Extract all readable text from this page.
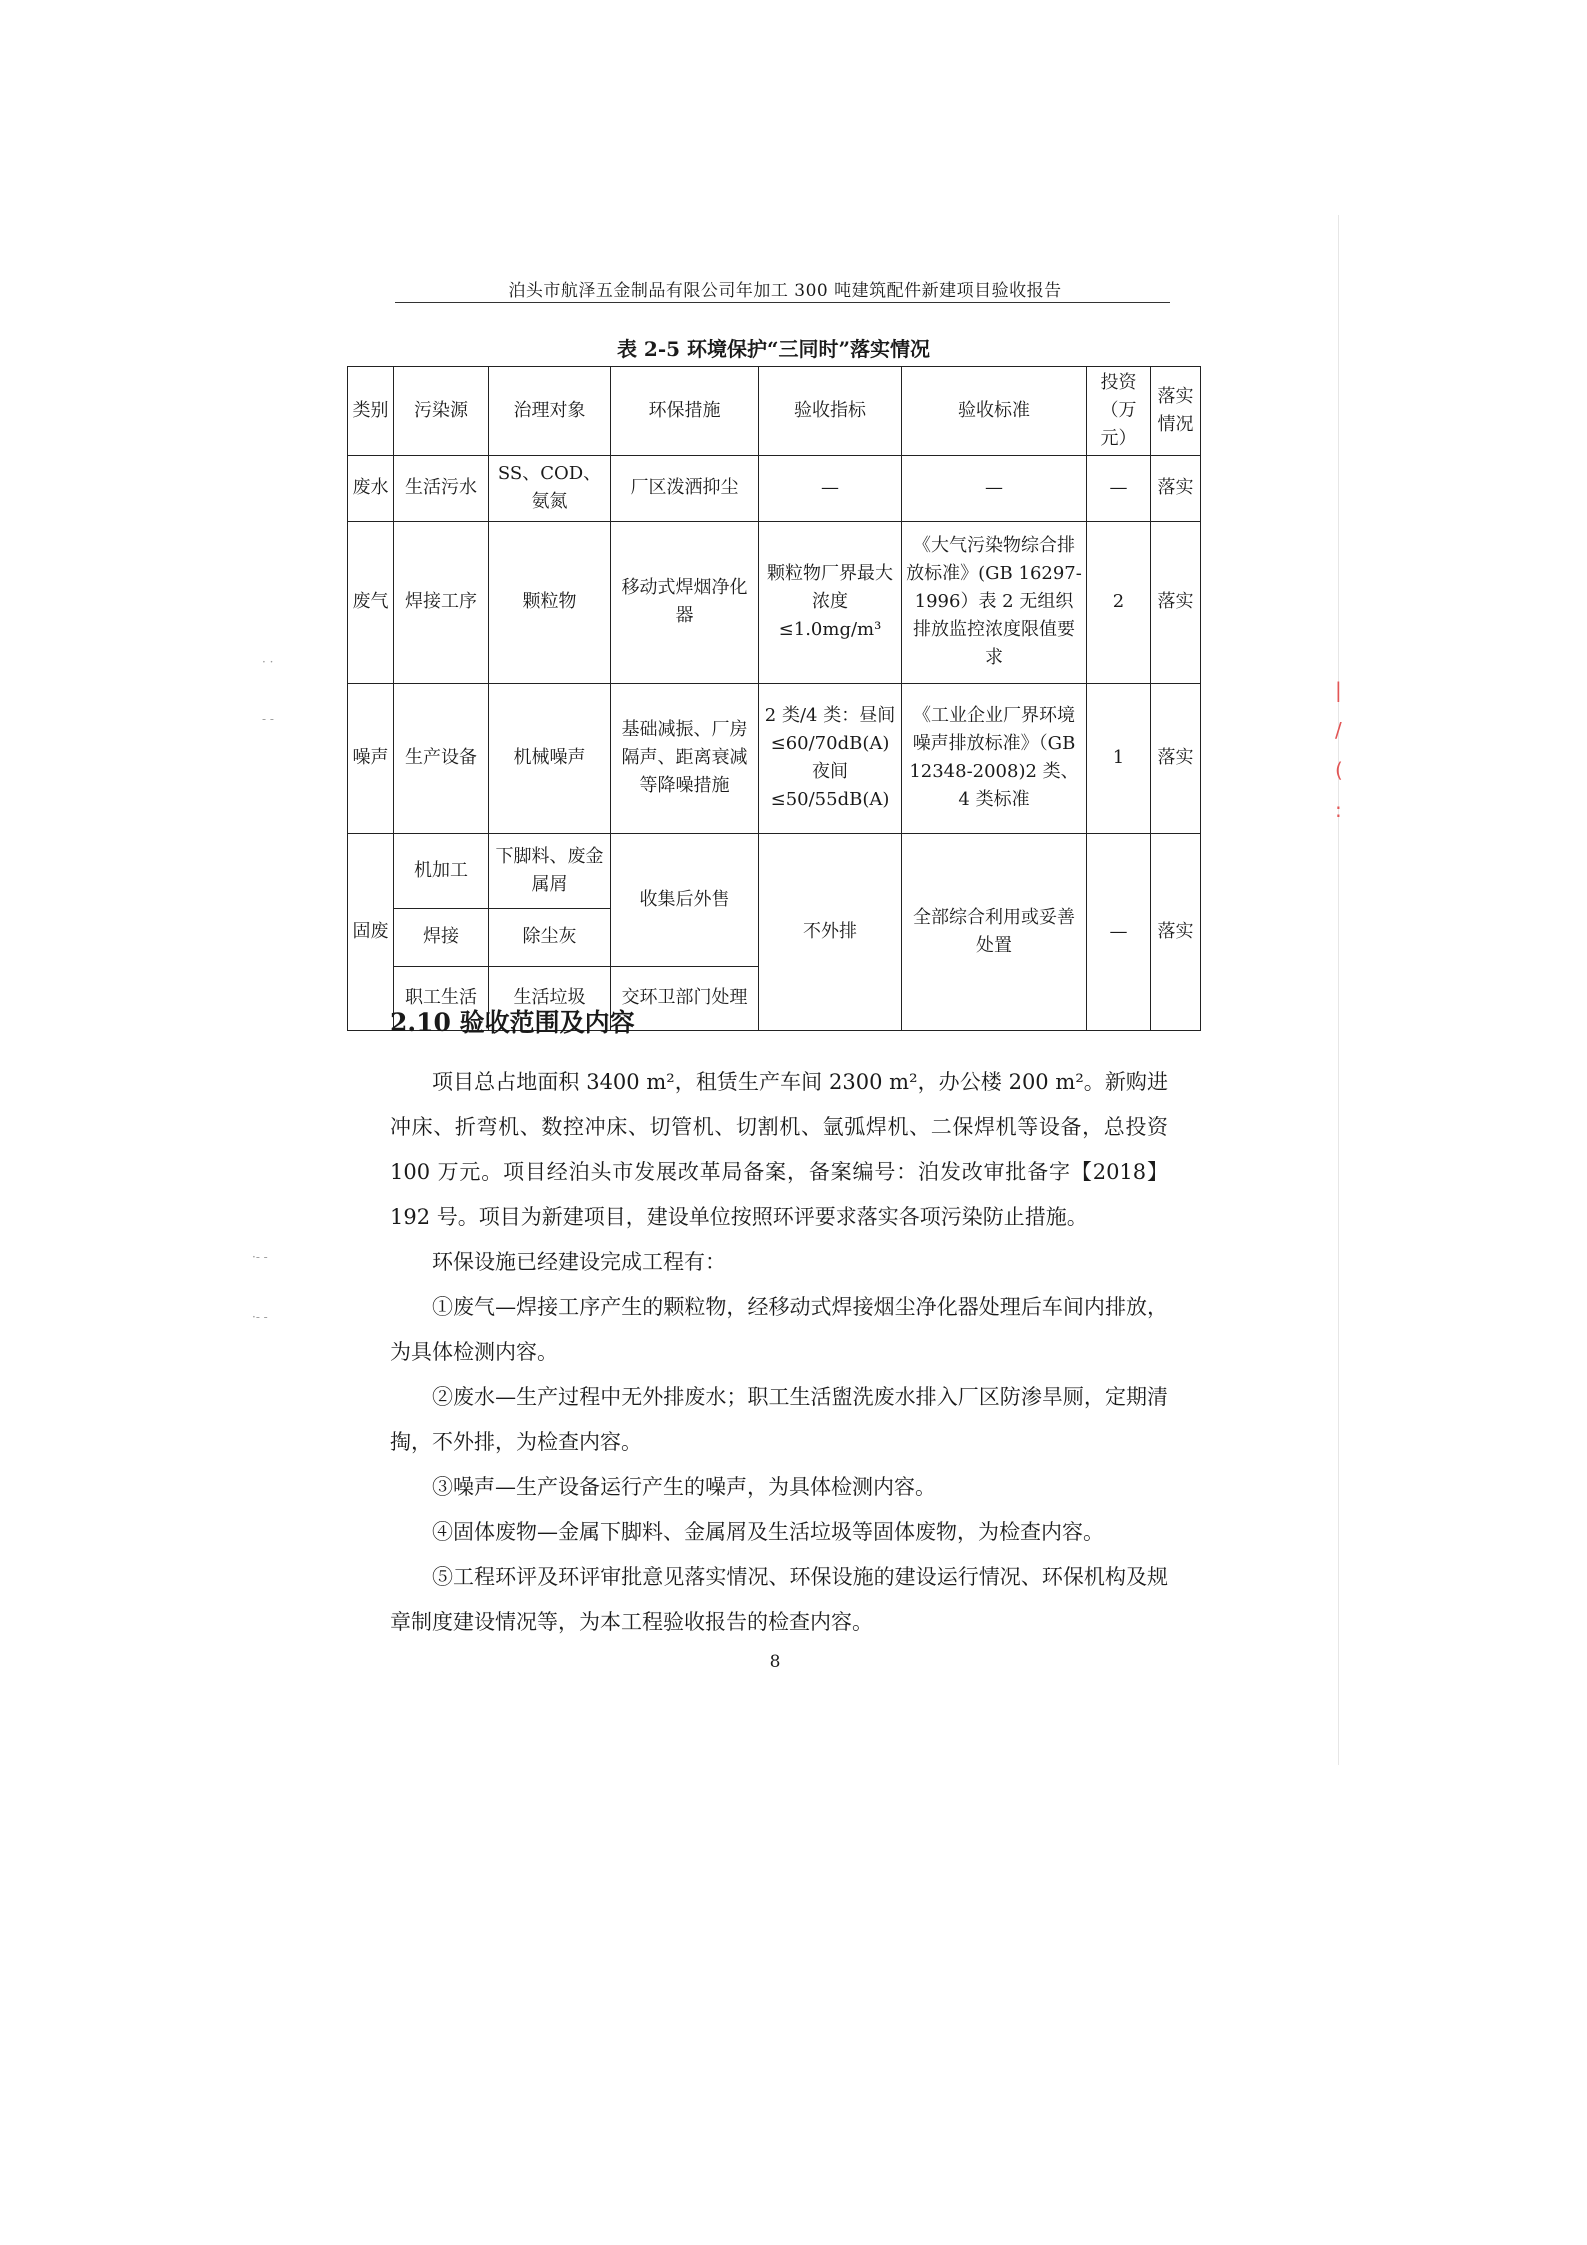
泊头市航泽五金制品有限公司年加工 300 吨建筑配件新建项目验收报告
表 2-5 环境保护“三同时”落实情况
类别	污染源	治理对象	环保措施	验收指标	验收标准	投资（万元）	落实情况
废水	生活污水	SS、COD、氨氮	厂区泼洒抑尘	—	—	—	落实
废气	焊接工序	颗粒物	移动式焊烟净化器	颗粒物厂界最大浓度≤1.0mg/m³	《大气污染物综合排放标准》(GB 16297-1996）表 2 无组织排放监控浓度限值要求	2	落实
噪声	生产设备	机械噪声	基础减振、厂房隔声、距离衰减等降噪措施	2 类/4 类：昼间≤60/70dB(A) 夜间≤50/55dB(A)	《工业企业厂界环境噪声排放标准》（GB 12348-2008)2 类、4 类标准	1	落实
固废	机加工	下脚料、废金属屑	收集后外售	不外排	全部综合利用或妥善处置	—	落实
	焊接	除尘灰					
	职工生活	生活垃圾	交环卫部门处理				
2.10 验收范围及内容

项目总占地面积 3400 m²，租赁生产车间 2300 m²，办公楼 200 m²。新购进冲床、折弯机、数控冲床、切管机、切割机、氩弧焊机、二保焊机等设备，总投资 100 万元。项目经泊头市发展改革局备案，备案编号：泊发改审批备字【2018】192 号。项目为新建项目，建设单位按照环评要求落实各项污染防止措施。

环保设施已经建设完成工程有：

①废气—焊接工序产生的颗粒物，经移动式焊接烟尘净化器处理后车间内排放，为具体检测内容。

②废水—生产过程中无外排废水；职工生活盥洗废水排入厂区防渗旱厕，定期清掏，不外排，为检查内容。

③噪声—生产设备运行产生的噪声，为具体检测内容。

④固体废物—金属下脚料、金属屑及生活垃圾等固体废物，为检查内容。

⑤工程环评及环评审批意见落实情况、环保设施的建设运行情况、环保机构及规章制度建设情况等，为本工程验收报告的检查内容。

8
· ·
- -
·- -
·- -
|
/
(
:
